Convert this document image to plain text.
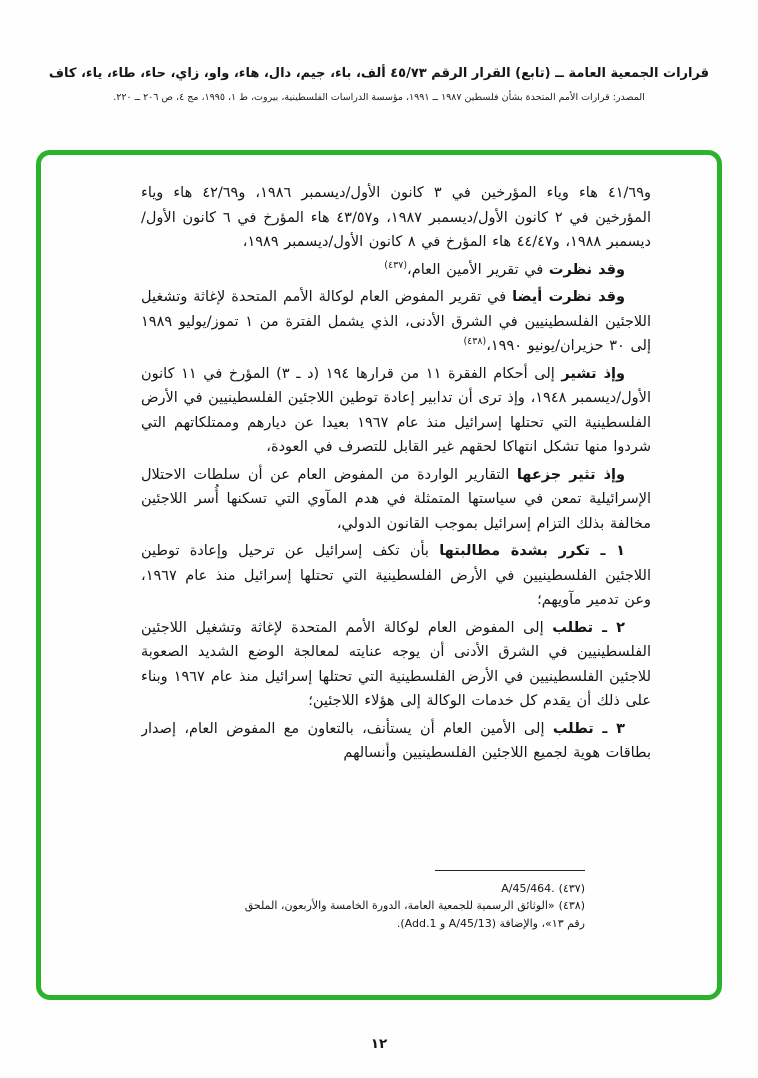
قرارات الجمعية العامة ــ (تابع) القرار الرقم ٤٥/٧٣ ألف، باء، جيم، دال، هاء، واو، زاي، حاء، طاء، ياء، كاف
المصدر: قرارات الأمم المتحدة بشأن فلسطين ١٩٨٧ ــ ١٩٩١، مؤسسة الدراسات الفلسطينية، بيروت، ط ١، ١٩٩٥، مج ٤، ص ٢٠٦ ــ ٢٢٠.

و٤١/٦٩ هاء وياء المؤرخين في ٣ كانون الأول/ديسمبر ١٩٨٦، و٤٢/٦٩ هاء وياء المؤرخين في ٢ كانون الأول/ديسمبر ١٩٨٧، و٤٣/٥٧ هاء المؤرخ في ٦ كانون الأول/ديسمبر ١٩٨٨، و٤٤/٤٧ هاء المؤرخ في ٨ كانون الأول/ديسمبر ١٩٨٩،

وقد نظرت في تقرير الأمين العام،$^{(٤٣٧)}$

وقد نظرت أيضا في تقرير المفوض العام لوكالة الأمم المتحدة لإغاثة وتشغيل اللاجئين الفلسطينيين في الشرق الأدنى، الذي يشمل الفترة من ١ تموز/يوليو ١٩٨٩ إلى ٣٠ حزيران/يونيو ١٩٩٠،$^{(٤٣٨)}$

وإذ تشير إلى أحكام الفقرة ١١ من قرارها ١٩٤ (د ـ ٣) المؤرخ في ١١ كانون الأول/ديسمبر ١٩٤٨، وإذ ترى أن تدابير إعادة توطين اللاجئين الفلسطينيين في الأرض الفلسطينية التي تحتلها إسرائيل منذ عام ١٩٦٧ بعيدا عن ديارهم وممتلكاتهم التي شردوا منها تشكل انتهاكا لحقهم غير القابل للتصرف في العودة،

وإذ تثير جزعها التقارير الواردة من المفوض العام عن أن سلطات الاحتلال الإسرائيلية تمعن في سياستها المتمثلة في هدم المآوي التي تسكنها أُسر اللاجئين مخالفة بذلك التزام إسرائيل بموجب القانون الدولي،

١ ـ تكرر بشدة مطالبتها بأن تكف إسرائيل عن ترحيل وإعادة توطين اللاجئين الفلسطينيين في الأرض الفلسطينية التي تحتلها إسرائيل منذ عام ١٩٦٧، وعن تدمير مآويهم؛

٢ ـ تطلب إلى المفوض العام لوكالة الأمم المتحدة لإغاثة وتشغيل اللاجئين الفلسطينيين في الشرق الأدنى أن يوجه عنايته لمعالجة الوضع الشديد الصعوبة للاجئين الفلسطينيين في الأرض الفلسطينية التي تحتلها إسرائيل منذ عام ١٩٦٧ وبناء على ذلك أن يقدم كل خدمات الوكالة إلى هؤلاء اللاجئين؛

٣ ـ تطلب إلى الأمين العام أن يستأنف، بالتعاون مع المفوض العام، إصدار بطاقات هوية لجميع اللاجئين الفلسطينيين وأنسالهم

(٤٣٧)A/45/464.
(٤٣٨)«الوثائق الرسمية للجمعية العامة، الدورة الخامسة والأربعون، الملحق رقم ١٣»، والإضافة (A/45/13 و Add.1).
١٢
